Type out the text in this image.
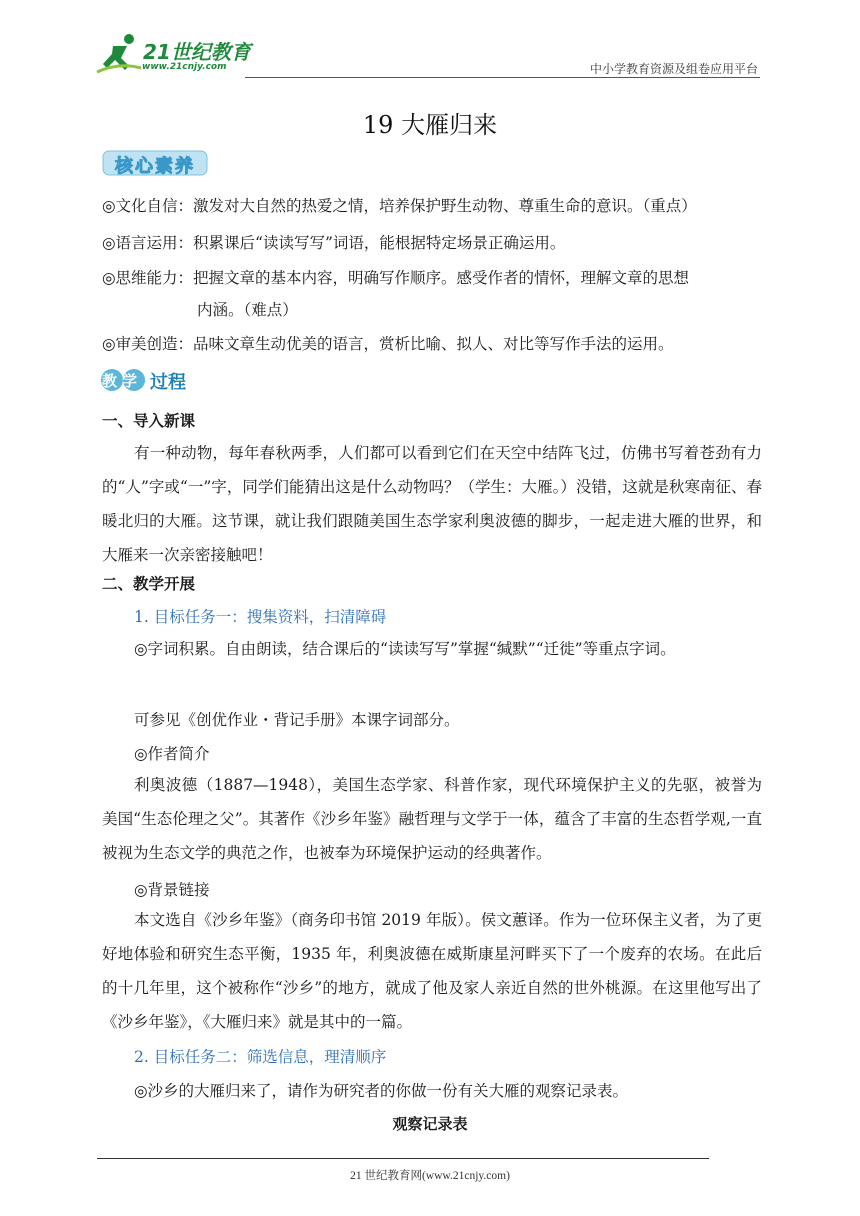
21世纪教育
www.21cnjy.com	中小学教育资源及组卷应用平台
19 大雁归来
核心素养
◎文化自信：激发对大自然的热爱之情，培养保护野生动物、尊重生命的意识。（重点）
◎语言运用：积累课后“读读写写”词语，能根据特定场景正确运用。
◎思维能力：把握文章的基本内容，明确写作顺序。感受作者的情怀，理解文章的思想
内涵。（难点）
◎审美创造：品味文章生动优美的语言，赏析比喻、拟人、对比等写作手法的运用。
教学 过程
一、导入新课
有一种动物，每年春秋两季，人们都可以看到它们在天空中结阵飞过，仿佛书写着苍劲有力的“人”字或“一”字，同学们能猜出这是什么动物吗？（学生：大雁。）没错，这就是秋寒南征、春暖北归的大雁。这节课，就让我们跟随美国生态学家利奥波德的脚步，一起走进大雁的世界，和大雁来一次亲密接触吧！
二、教学开展
1. 目标任务一：搜集资料，扫清障碍
◎字词积累。自由朗读，结合课后的“读读写写”掌握“缄默”“迁徙”等重点字词。
可参见《创优作业・背记手册》本课字词部分。
◎作者简介
利奥波德（1887—1948），美国生态学家、科普作家，现代环境保护主义的先驱，被誉为美国“生态伦理之父”。其著作《沙乡年鉴》融哲理与文学于一体，蕴含了丰富的生态哲学观,一直被视为生态文学的典范之作，也被奉为环境保护运动的经典著作。
◎背景链接
本文选自《沙乡年鉴》（商务印书馆 2019 年版）。侯文蕙译。作为一位环保主义者，为了更好地体验和研究生态平衡，1935 年，利奥波德在威斯康星河畔买下了一个废弃的农场。在此后的十几年里，这个被称作“沙乡”的地方，就成了他及家人亲近自然的世外桃源。在这里他写出了《沙乡年鉴》，《大雁归来》就是其中的一篇。
2. 目标任务二：筛选信息，理清顺序
◎沙乡的大雁归来了，请作为研究者的你做一份有关大雁的观察记录表。
观察记录表
21 世纪教育网(www.21cnjy.com)
